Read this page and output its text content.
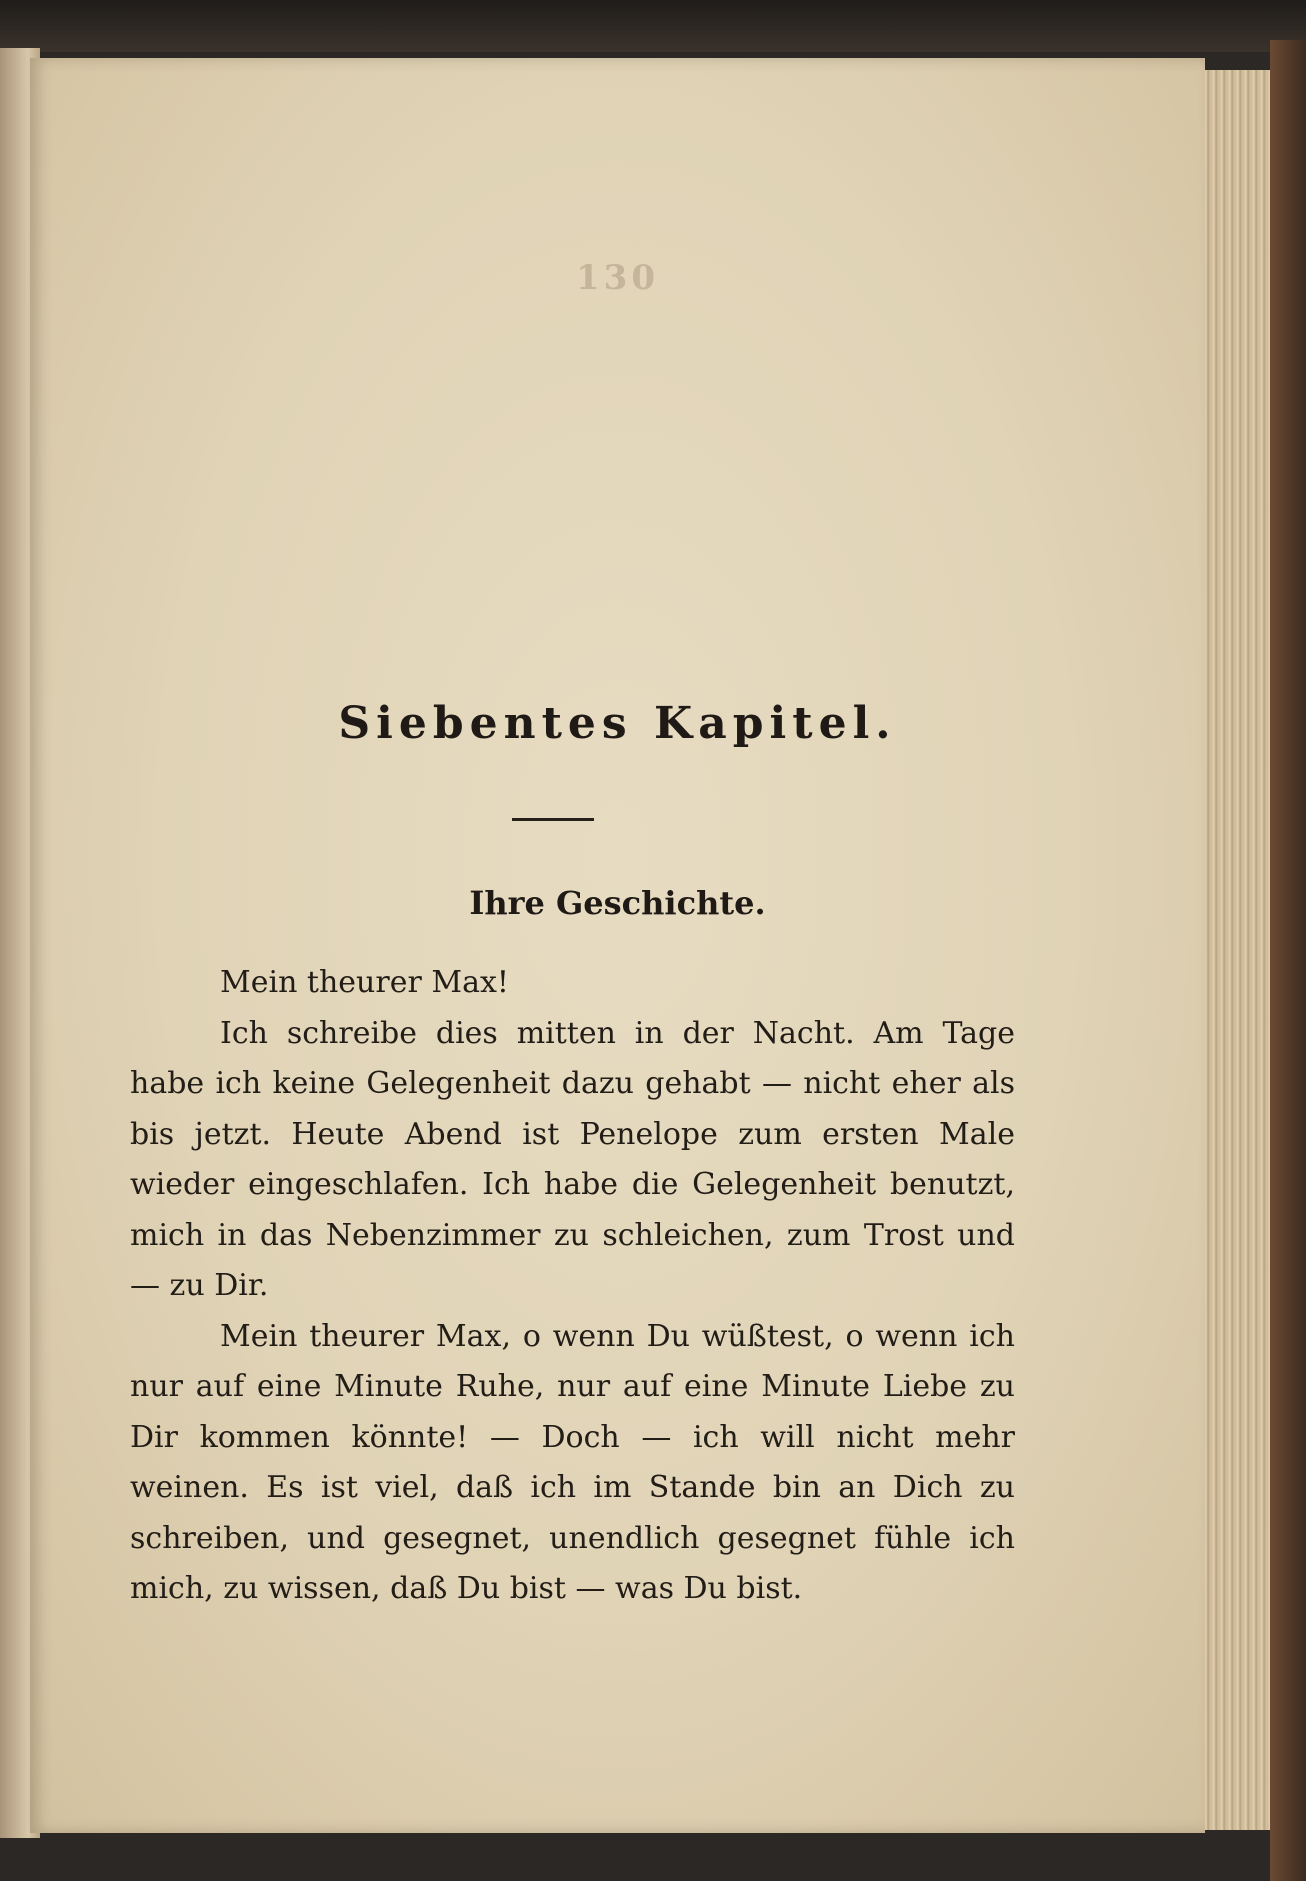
130
Siebentes Kapitel.
Ihre Geschichte.

Mein theurer Max!

Ich schreibe dies mitten in der Nacht. Am Tage habe ich keine Gelegenheit dazu gehabt — nicht eher als bis jetzt. Heute Abend ist Penelope zum ersten Male wieder eingeschlafen. Ich habe die Gelegenheit benutzt, mich in das Nebenzimmer zu schleichen, zum Trost und — zu Dir.

Mein theurer Max, o wenn Du wüßtest, o wenn ich nur auf eine Minute Ruhe, nur auf eine Minute Liebe zu Dir kommen könnte! — Doch — ich will nicht mehr weinen. Es ist viel, daß ich im Stande bin an Dich zu schreiben, und gesegnet, unendlich gesegnet fühle ich mich, zu wissen, daß Du bist — was Du bist.
